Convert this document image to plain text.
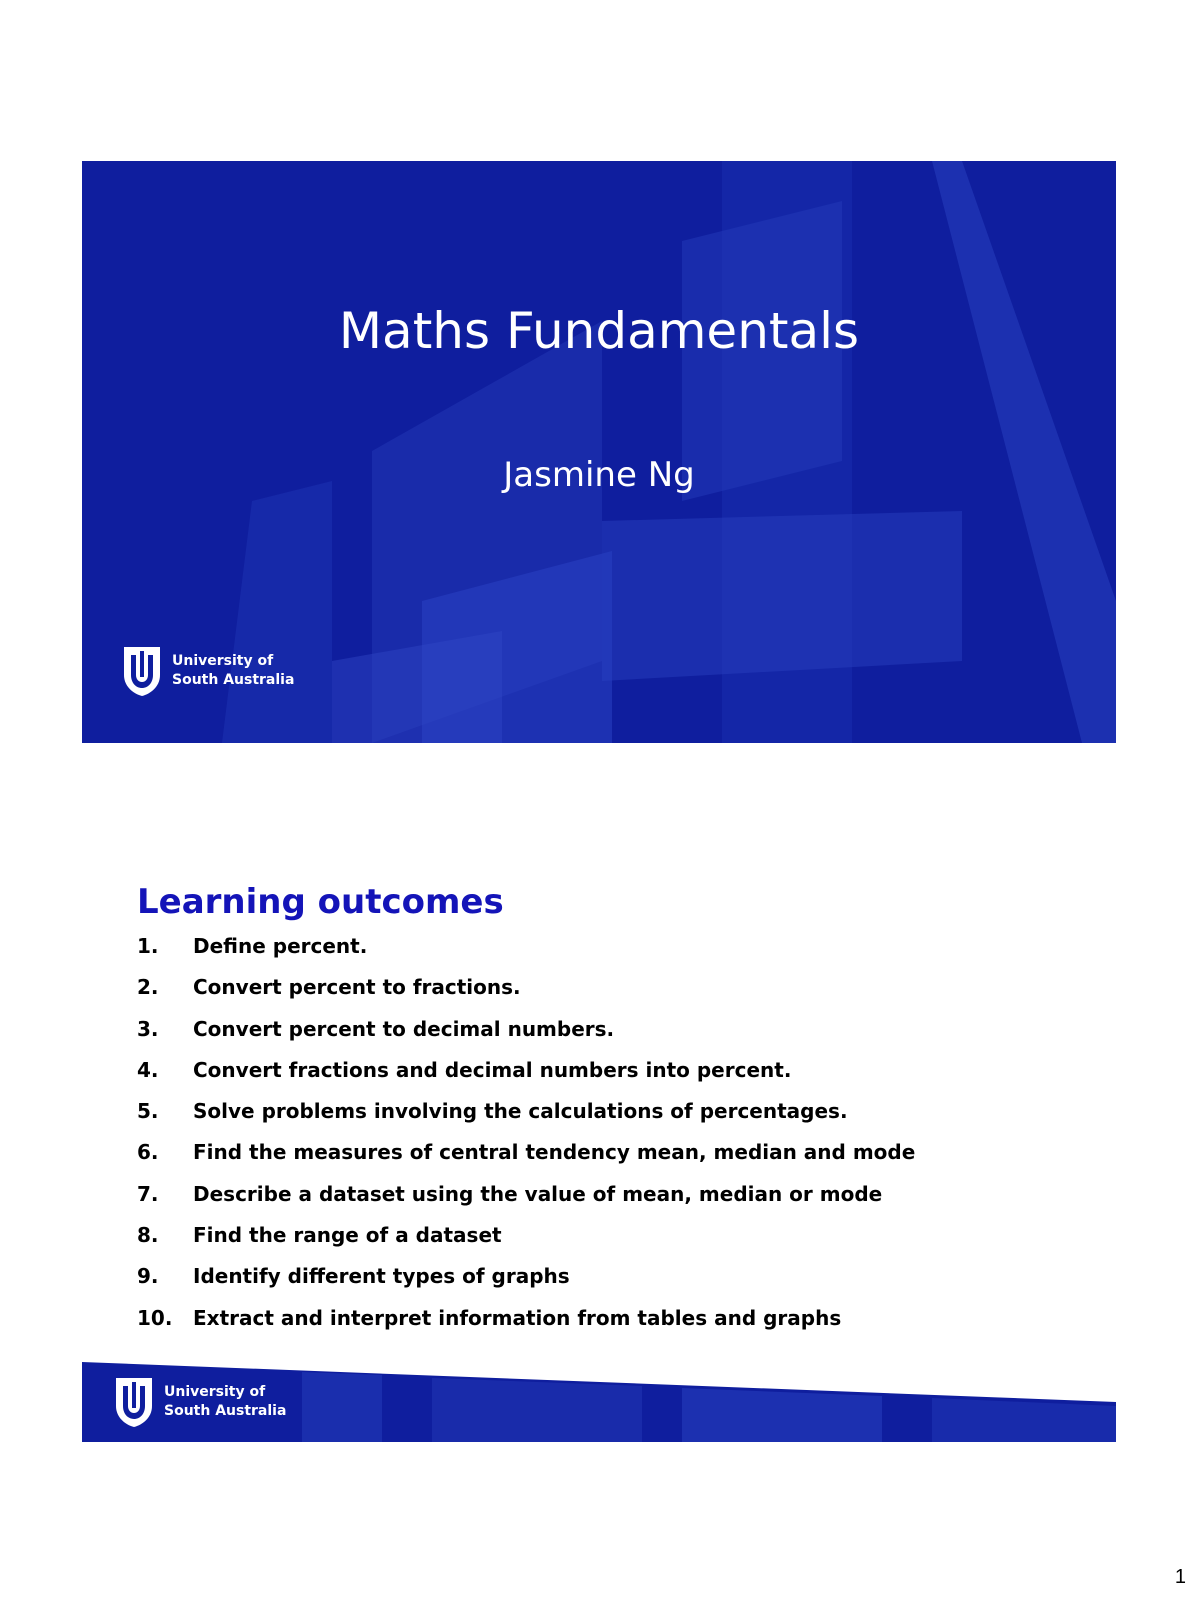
Maths Fundamentals
Jasmine Ng
University of
South Australia
Learning outcomes
1.	Define percent.
2.	Convert percent to fractions.
3.	Convert percent to decimal numbers.
4.	Convert fractions and decimal numbers into percent.
5.	Solve problems involving the calculations of percentages.
6.	Find the measures of central tendency mean, median and mode
7.	Describe a dataset using the value of mean, median or mode
8.	Find the range of a dataset
9.	Identify different types of graphs
10.	Extract and interpret information from tables and graphs
University of
South Australia
1
